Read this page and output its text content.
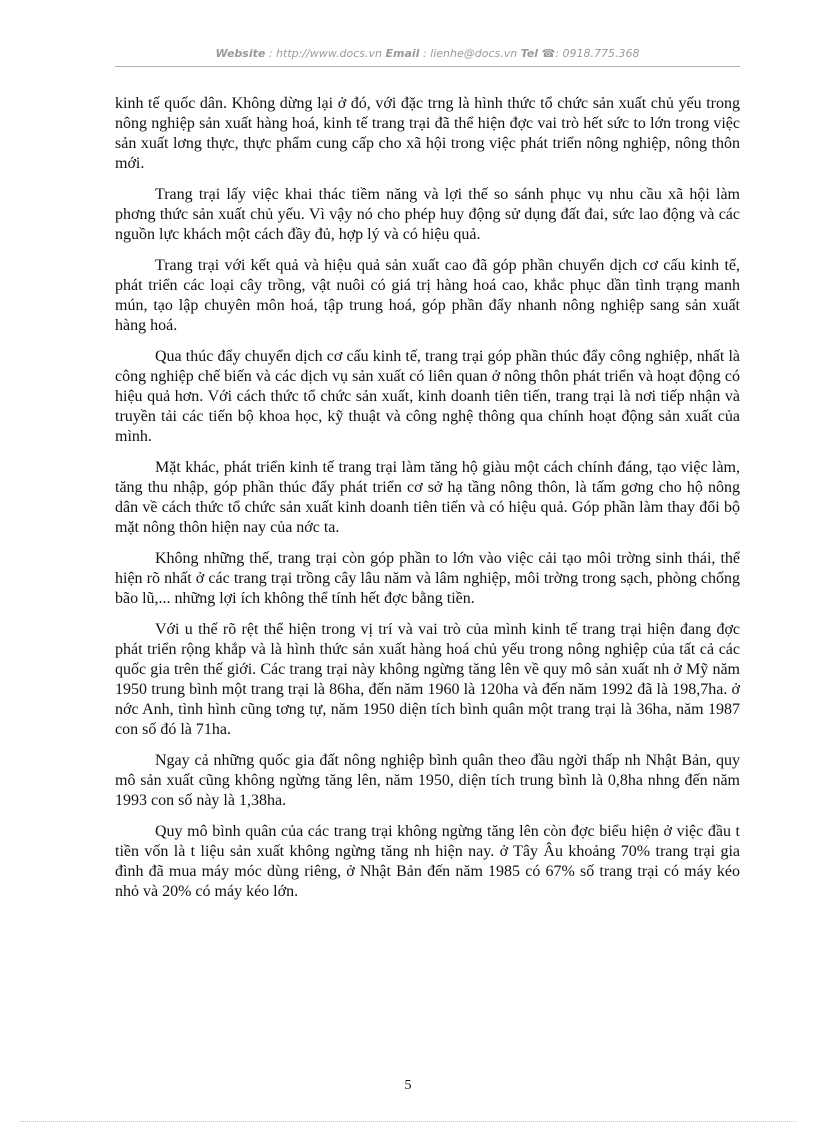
Website : http://www.docs.vn Email : lienhe@docs.vn Tel ☎: 0918.775.368

kinh tế quốc dân. Không dừng lại ở đó, với đặc trng là hình thức tổ chức sản xuất chủ yếu trong nông nghiệp sản xuất hàng hoá, kinh tế trang trại đã thể hiện đợc vai trò hết sức to lớn trong việc sản xuất lơng thực, thực phẩm cung cấp cho xã hội trong việc phát triển nông nghiệp, nông thôn mới.

Trang trại lấy việc khai thác tiềm năng và lợi thế so sánh phục vụ nhu cầu xã hội làm phơng thức sản xuất chủ yếu. Vì vậy nó cho phép huy động sử dụng đất đai, sức lao động và các nguồn lực khách một cách đầy đủ, hợp lý và có hiệu quả.

Trang trại với kết quả và hiệu quả sản xuất cao đã góp phần chuyển dịch cơ cấu kinh tế, phát triển các loại cây trồng, vật nuôi có giá trị hàng hoá cao, khắc phục dần tình trạng manh mún, tạo lập chuyên môn hoá, tập trung hoá, góp phần đẩy nhanh nông nghiệp sang sản xuất hàng hoá.

Qua thúc đẩy chuyển dịch cơ cấu kinh tế, trang trại góp phần thúc đẩy công nghiệp, nhất là công nghiệp chế biến và các dịch vụ sản xuất có liên quan ở nông thôn phát triển và hoạt động có hiệu quả hơn. Với cách thức tổ chức sản xuất, kinh doanh tiên tiến, trang trại là nơi tiếp nhận và truyền tải các tiến bộ khoa học, kỹ thuật và công nghệ thông qua chính hoạt động sản xuất của mình.

Mặt khác, phát triển kinh tế trang trại làm tăng hộ giàu một cách chính đáng, tạo việc làm, tăng thu nhập, góp phần thúc đẩy phát triển cơ sở hạ tầng nông thôn, là tấm gơng cho hộ nông dân về cách thức tổ chức sản xuất kinh doanh tiên tiến và có hiệu quả. Góp phần làm thay đổi bộ mặt nông thôn hiện nay của nớc ta.

Không những thế, trang trại còn góp phần to lớn vào việc cải tạo môi trờng sinh thái, thể hiện rõ nhất ở các trang trại trồng cây lâu năm và lâm nghiệp, môi trờng trong sạch, phòng chống bão lũ,... những lợi ích không thể tính hết đợc bằng tiền.

Với u thế rõ rệt thể hiện trong vị trí và vai trò của mình kinh tế trang trại hiện đang đợc phát triển rộng khắp và là hình thức sản xuất hàng hoá chủ yếu trong nông nghiệp của tất cả các quốc gia trên thế giới. Các trang trại này không ngừng tăng lên về quy mô sản xuất nh ở Mỹ năm 1950 trung bình một trang trại là 86ha, đến năm 1960 là 120ha và đến năm 1992 đã là 198,7ha. ở nớc Anh, tình hình cũng tơng tự, năm 1950 diện tích bình quân một trang trại là 36ha, năm 1987 con số đó là 71ha.

Ngay cả những quốc gia đất nông nghiệp bình quân theo đầu ngời thấp nh Nhật Bản, quy mô sản xuất cũng không ngừng tăng lên, năm 1950, diện tích trung bình là 0,8ha nhng đến năm 1993 con số này là 1,38ha.

Quy mô bình quân của các trang trại không ngừng tăng lên còn đợc biểu hiện ở việc đầu t tiền vốn là t liệu sản xuất không ngừng tăng nh hiện nay. ở Tây Âu khoảng 70% trang trại gia đình đã mua máy móc dùng riêng, ở Nhật Bản đến năm 1985 có 67% số trang trại có máy kéo nhỏ và 20% có máy kéo lớn.

5
